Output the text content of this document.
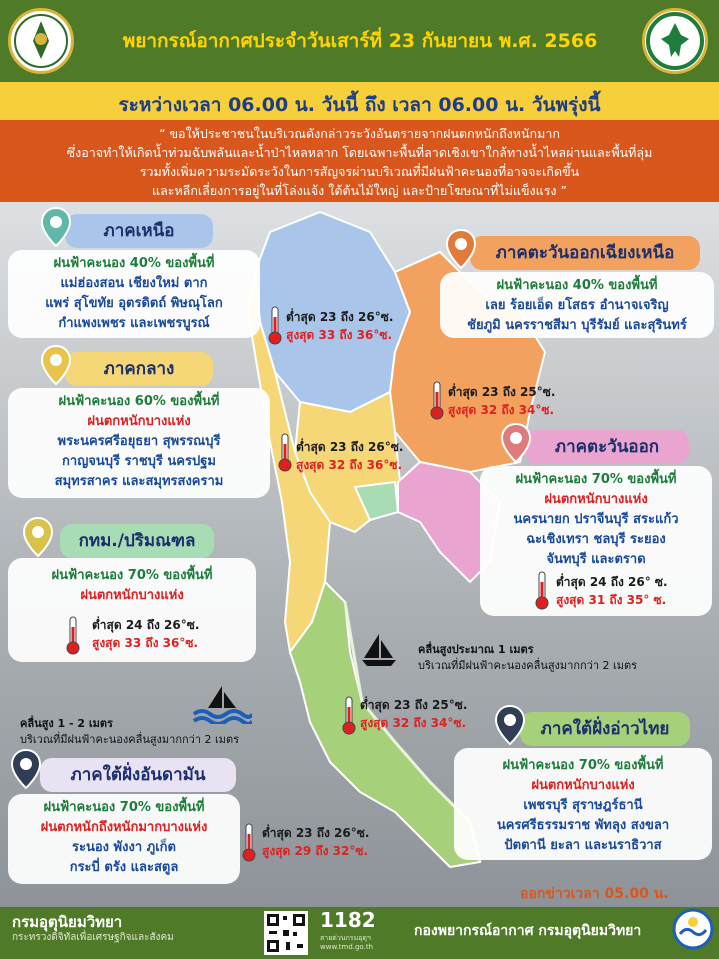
พยากรณ์อากาศประจำวันเสาร์ที่ 23 กันยายน พ.ศ. 2566
ระหว่างเวลา 06.00 น. วันนี้ ถึง เวลา 06.00 น. วันพรุ่งนี้
“ ขอให้ประชาชนในบริเวณดังกล่าวระวังอันตรายจากฝนตกหนักถึงหนักมาก
ซึ่งอาจทำให้เกิดน้ำท่วมฉับพลันและน้ำป่าไหลหลาก โดยเฉพาะพื้นที่ลาดเชิงเขาใกล้ทางน้ำไหลผ่านและพื้นที่ลุ่ม
รวมทั้งเพิ่มความระมัดระวังในการสัญจรผ่านบริเวณที่มีฝนฟ้าคะนองที่อาจจะเกิดขึ้น
และหลีกเลี่ยงการอยู่ในที่โล่งแจ้ง ใต้ต้นไม้ใหญ่ และป้ายโฆษณาที่ไม่แข็งแรง ”
ภาคเหนือ
ฝนฟ้าคะนอง 40% ของพื้นที่
แม่ฮ่องสอน เชียงใหม่ ตาก
แพร่ สุโขทัย อุตรดิตถ์ พิษณุโลก
กำแพงเพชร และเพชรบูรณ์	ต่ำสุด 23 ถึง 26°ซ.
สูงสุด 33 ถึง 36°ซ.
ภาคตะวันออกเฉียงเหนือ
ฝนฟ้าคะนอง 40% ของพื้นที่
เลย ร้อยเอ็ด ยโสธร อำนาจเจริญ
ชัยภูมิ นครราชสีมา บุรีรัมย์ และสุรินทร์
ต่ำสุด 23 ถึง 25°ซ.
สูงสุด 32 ถึง 34°ซ.
ภาคกลาง
ฝนฟ้าคะนอง 60% ของพื้นที่
ฝนตกหนักบางแห่ง
พระนครศรีอยุธยา สุพรรณบุรี
กาญจนบุรี ราชบุรี นครปฐม
สมุทรสาคร และสมุทรสงคราม
ต่ำสุด 23 ถึง 26°ซ.
สูงสุด 32 ถึง 36°ซ.
ภาคตะวันออก
ฝนฟ้าคะนอง 70% ของพื้นที่
ฝนตกหนักบางแห่ง
นครนายก ปราจีนบุรี สระแก้ว
ฉะเชิงเทรา ชลบุรี ระยอง
จันทบุรี และตราด
ต่ำสุด 24 ถึง 26° ซ.
สูงสุด 31 ถึง 35° ซ.
กทม./ปริมณฑล
ฝนฟ้าคะนอง 70% ของพื้นที่
ฝนตกหนักบางแห่ง
ต่ำสุด 24 ถึง 26°ซ.
สูงสุด 33 ถึง 36°ซ.	คลื่นสูงประมาณ 1 เมตร
บริเวณที่มีฝนฟ้าคะนองคลื่นสูงมากกว่า 2 เมตร
คลื่นสูง 1 - 2 เมตร
บริเวณที่มีฝนฟ้าคะนองคลื่นสูงมากกว่า 2 เมตร
ต่ำสุด 23 ถึง 25°ซ.
สูงสุด 32 ถึง 34°ซ.	ภาคใต้ฝั่งอ่าวไทย
ฝนฟ้าคะนอง 70% ของพื้นที่
ฝนตกหนักบางแห่ง
เพชรบุรี สุราษฎร์ธานี
นครศรีธรรมราช พัทลุง สงขลา
ปัตตานี ยะลา และนราธิวาส
ภาคใต้ฝั่งอันดามัน
ฝนฟ้าคะนอง 70% ของพื้นที่
ฝนตกหนักถึงหนักมากบางแห่ง
ระนอง พังงา ภูเก็ต
กระบี่ ตรัง และสตูล
ต่ำสุด 23 ถึง 26°ซ.
สูงสุด 29 ถึง 32°ซ.
ออกข่าวเวลา 05.00 น.
กรมอุตุนิยมวิทยา
กระทรวงดิจิทัลเพื่อเศรษฐกิจและสังคม
1182
สายด่วนกรมอุตุฯ
www.tmd.go.th
กองพยากรณ์อากาศ กรมอุตุนิยมวิทยา
